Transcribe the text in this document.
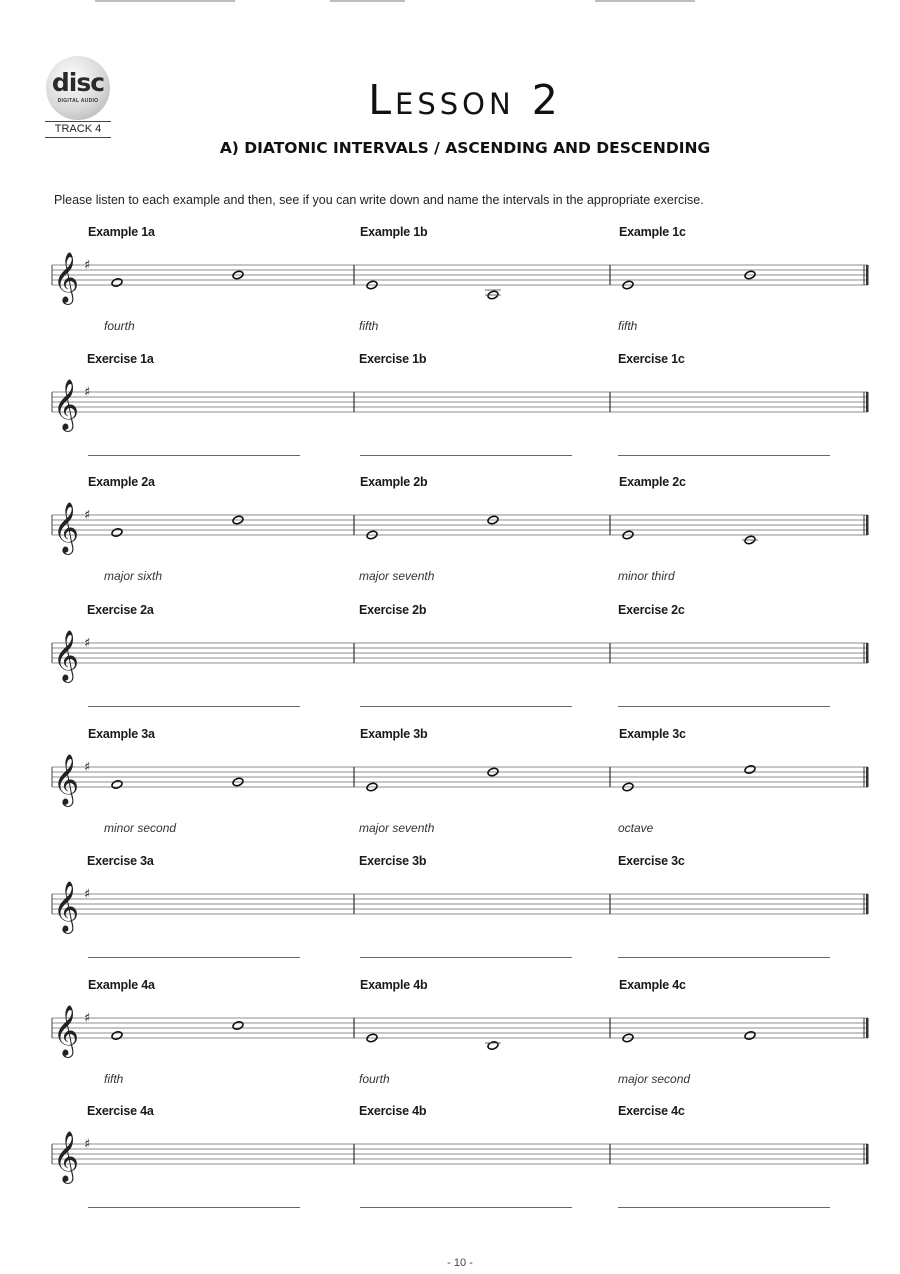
disc
DIGITAL AUDIO
TRACK 4
Lesson 2
A) DIATONIC INTERVALS / ASCENDING AND DESCENDING
Please listen to each example and then, see if you can write down and name the intervals in the appropriate exercise.
𝄞 ♯
Example 1a
fourth
Example 1b
fifth
Example 1c
fifth
𝄞 ♯
Exercise 1a	Exercise 1b	Exercise 1c
𝄞 ♯
Example 2a
major sixth
Example 2b
major seventh
Example 2c
minor third
𝄞 ♯
Exercise 2a	Exercise 2b	Exercise 2c
𝄞 ♯
Example 3a
minor second
Example 3b
major seventh
Example 3c
octave
𝄞 ♯
Exercise 3a	Exercise 3b	Exercise 3c
𝄞 ♯
Example 4a
fifth
Example 4b
fourth
Example 4c
major second
𝄞 ♯
Exercise 4a	Exercise 4b	Exercise 4c
- 10 -
